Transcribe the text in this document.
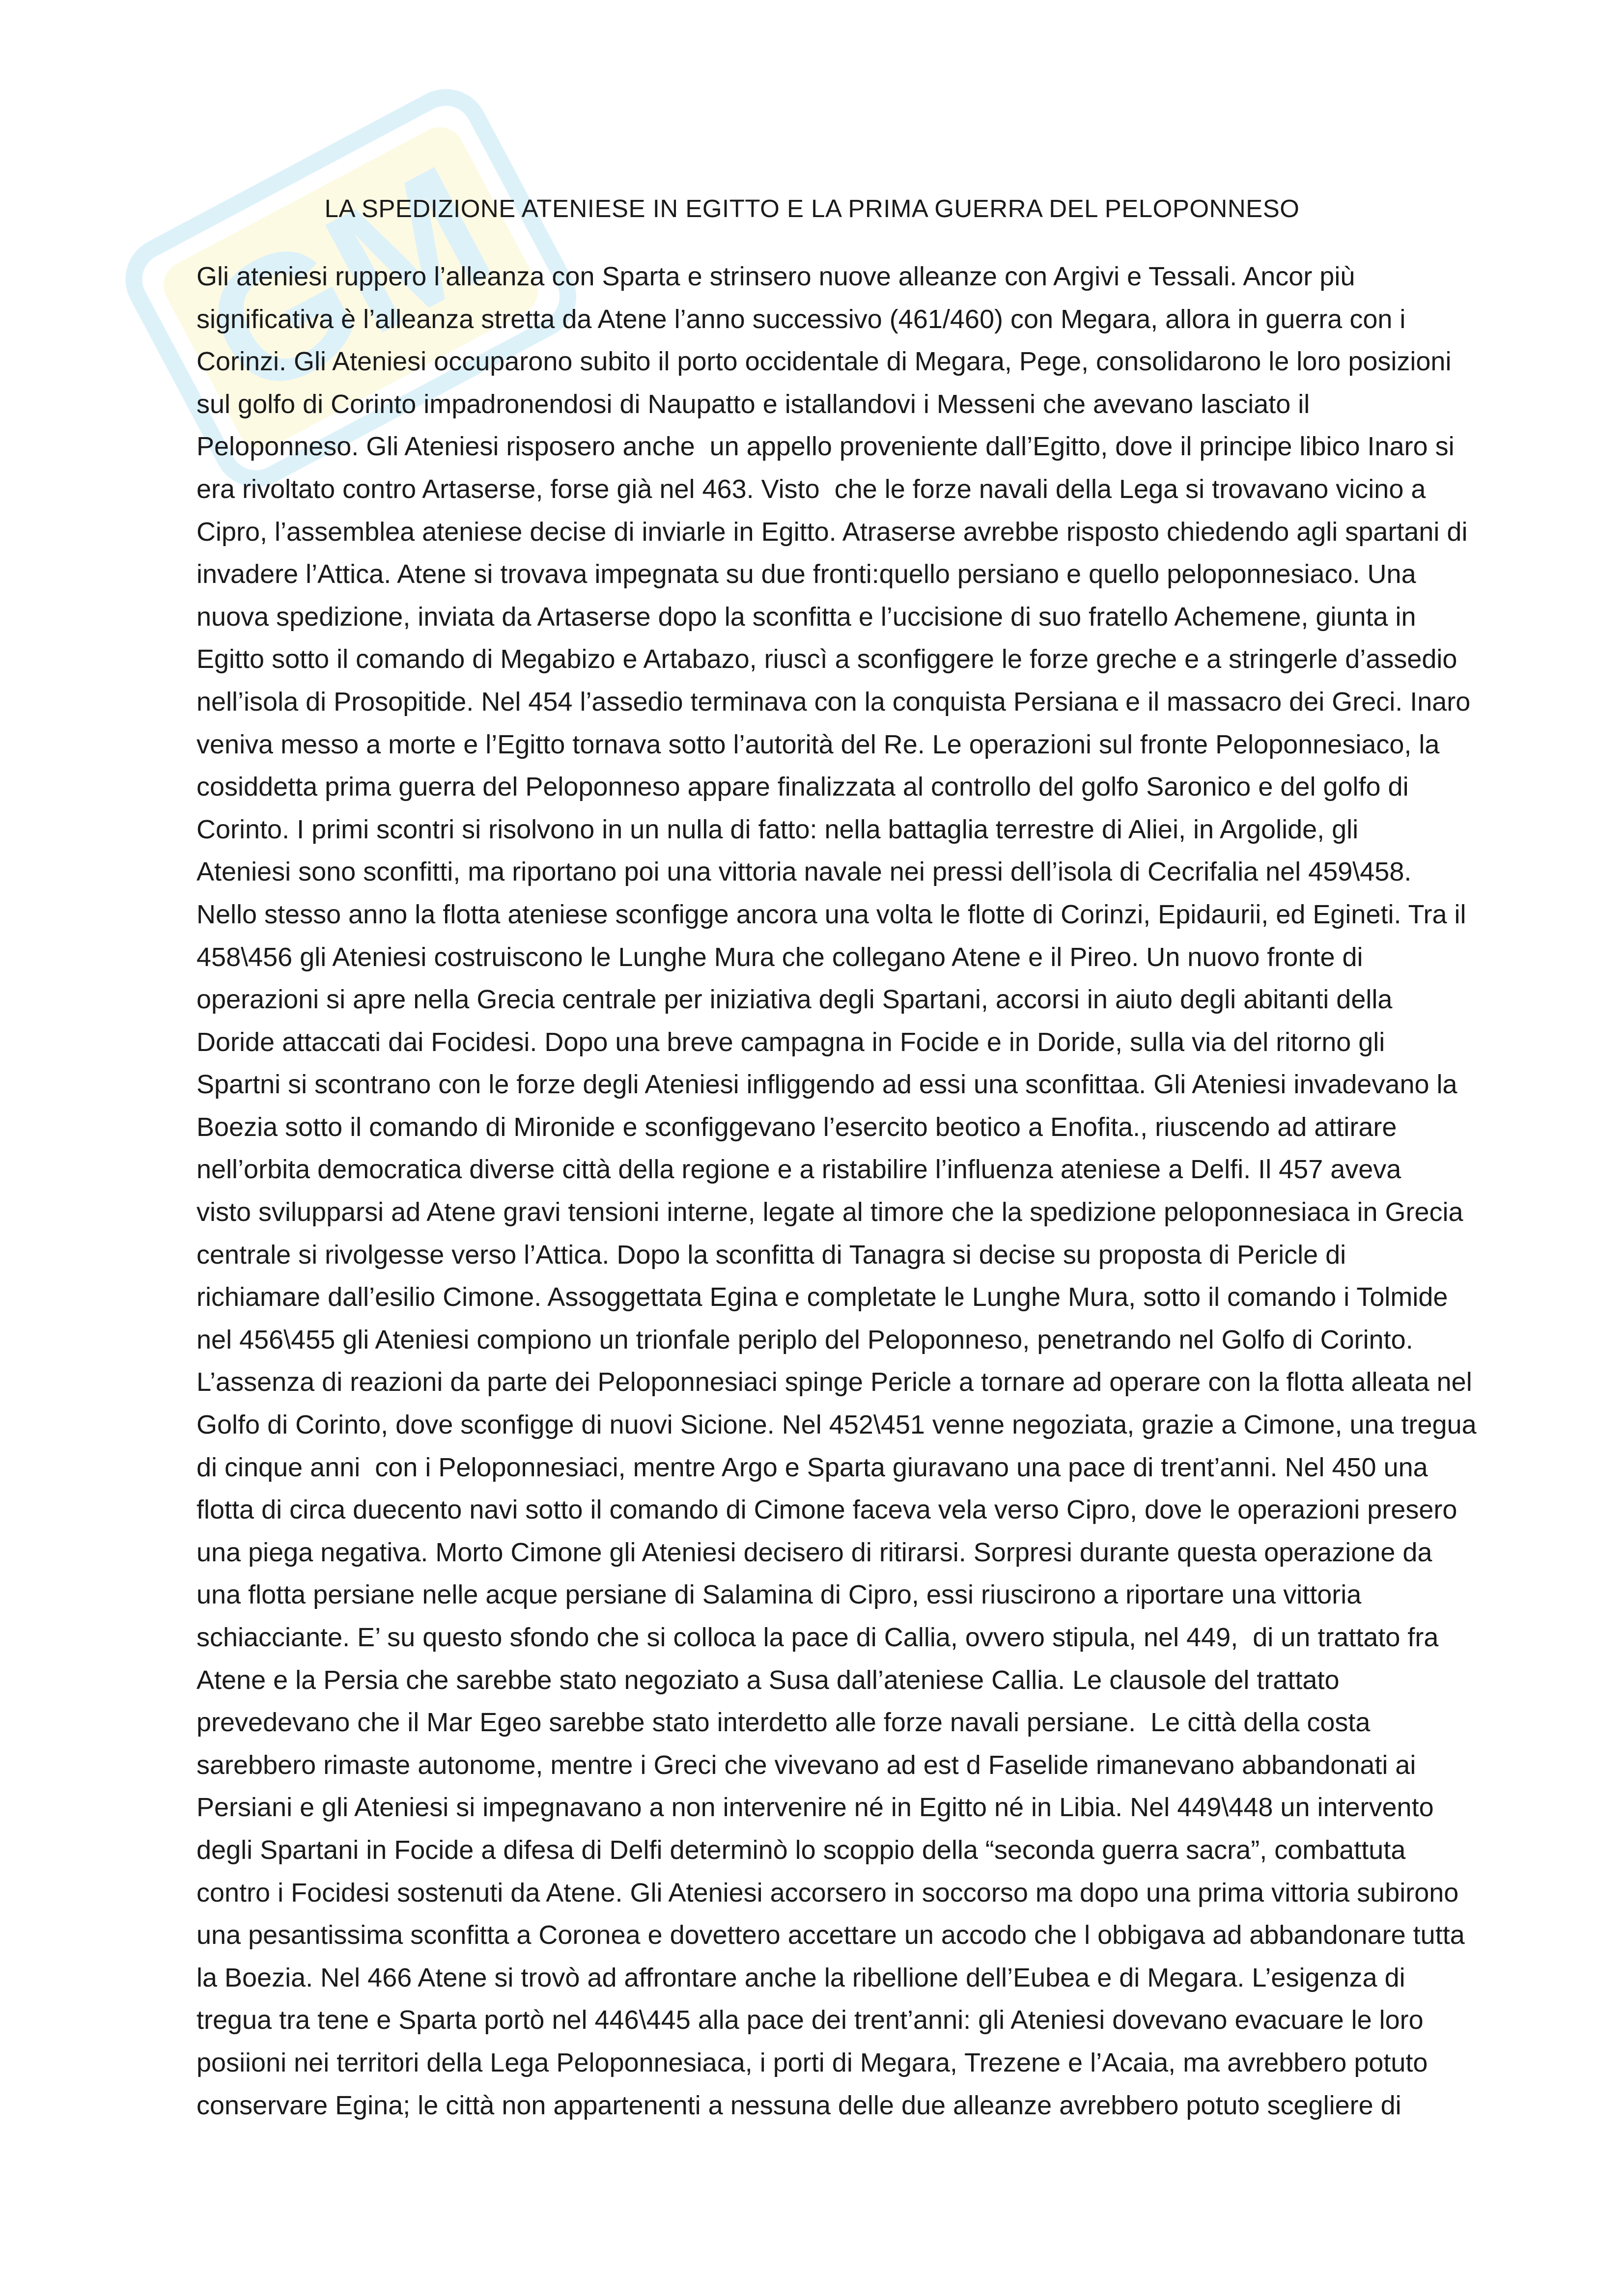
GM
LA SPEDIZIONE ATENIESE IN EGITTO E LA PRIMA GUERRA DEL PELOPONNESO
Gli ateniesi ruppero l’alleanza con Sparta e strinsero nuove alleanze con Argivi e Tessali. Ancor più
significativa è l’alleanza stretta da Atene l’anno successivo (461/460) con Megara, allora in guerra con i
Corinzi. Gli Ateniesi occuparono subito il porto occidentale di Megara, Pege, consolidarono le loro posizioni
sul golfo di Corinto impadronendosi di Naupatto e istallandovi i Messeni che avevano lasciato il
Peloponneso. Gli Ateniesi risposero anche  un appello proveniente dall’Egitto, dove il principe libico Inaro si
era rivoltato contro Artaserse, forse già nel 463. Visto  che le forze navali della Lega si trovavano vicino a
Cipro, l’assemblea ateniese decise di inviarle in Egitto. Atraserse avrebbe risposto chiedendo agli spartani di
invadere l’Attica. Atene si trovava impegnata su due fronti:quello persiano e quello peloponnesiaco. Una
nuova spedizione, inviata da Artaserse dopo la sconfitta e l’uccisione di suo fratello Achemene, giunta in
Egitto sotto il comando di Megabizo e Artabazo, riuscì a sconfiggere le forze greche e a stringerle d’assedio
nell’isola di Prosopitide. Nel 454 l’assedio terminava con la conquista Persiana e il massacro dei Greci. Inaro
veniva messo a morte e l’Egitto tornava sotto l’autorità del Re. Le operazioni sul fronte Peloponnesiaco, la
cosiddetta prima guerra del Peloponneso appare finalizzata al controllo del golfo Saronico e del golfo di
Corinto. I primi scontri si risolvono in un nulla di fatto: nella battaglia terrestre di Aliei, in Argolide, gli
Ateniesi sono sconfitti, ma riportano poi una vittoria navale nei pressi dell’isola di Cecrifalia nel 459\458.
Nello stesso anno la flotta ateniese sconfigge ancora una volta le flotte di Corinzi, Epidaurii, ed Egineti. Tra il
458\456 gli Ateniesi costruiscono le Lunghe Mura che collegano Atene e il Pireo. Un nuovo fronte di
operazioni si apre nella Grecia centrale per iniziativa degli Spartani, accorsi in aiuto degli abitanti della
Doride attaccati dai Focidesi. Dopo una breve campagna in Focide e in Doride, sulla via del ritorno gli
Spartni si scontrano con le forze degli Ateniesi infliggendo ad essi una sconfittaa. Gli Ateniesi invadevano la
Boezia sotto il comando di Mironide e sconfiggevano l’esercito beotico a Enofita., riuscendo ad attirare
nell’orbita democratica diverse città della regione e a ristabilire l’influenza ateniese a Delfi. Il 457 aveva
visto svilupparsi ad Atene gravi tensioni interne, legate al timore che la spedizione peloponnesiaca in Grecia
centrale si rivolgesse verso l’Attica. Dopo la sconfitta di Tanagra si decise su proposta di Pericle di
richiamare dall’esilio Cimone. Assoggettata Egina e completate le Lunghe Mura, sotto il comando i Tolmide
nel 456\455 gli Ateniesi compiono un trionfale periplo del Peloponneso, penetrando nel Golfo di Corinto.
L’assenza di reazioni da parte dei Peloponnesiaci spinge Pericle a tornare ad operare con la flotta alleata nel
Golfo di Corinto, dove sconfigge di nuovi Sicione. Nel 452\451 venne negoziata, grazie a Cimone, una tregua
di cinque anni  con i Peloponnesiaci, mentre Argo e Sparta giuravano una pace di trent’anni. Nel 450 una
flotta di circa duecento navi sotto il comando di Cimone faceva vela verso Cipro, dove le operazioni presero
una piega negativa. Morto Cimone gli Ateniesi decisero di ritirarsi. Sorpresi durante questa operazione da
una flotta persiane nelle acque persiane di Salamina di Cipro, essi riuscirono a riportare una vittoria
schiacciante. E’ su questo sfondo che si colloca la pace di Callia, ovvero stipula, nel 449,  di un trattato fra
Atene e la Persia che sarebbe stato negoziato a Susa dall’ateniese Callia. Le clausole del trattato
prevedevano che il Mar Egeo sarebbe stato interdetto alle forze navali persiane.  Le città della costa
sarebbero rimaste autonome, mentre i Greci che vivevano ad est d Faselide rimanevano abbandonati ai
Persiani e gli Ateniesi si impegnavano a non intervenire né in Egitto né in Libia. Nel 449\448 un intervento
degli Spartani in Focide a difesa di Delfi determinò lo scoppio della “seconda guerra sacra”, combattuta
contro i Focidesi sostenuti da Atene. Gli Ateniesi accorsero in soccorso ma dopo una prima vittoria subirono
una pesantissima sconfitta a Coronea e dovettero accettare un accodo che l obbigava ad abbandonare tutta
la Boezia. Nel 466 Atene si trovò ad affrontare anche la ribellione dell’Eubea e di Megara. L’esigenza di
tregua tra tene e Sparta portò nel 446\445 alla pace dei trent’anni: gli Ateniesi dovevano evacuare le loro
posiioni nei territori della Lega Peloponnesiaca, i porti di Megara, Trezene e l’Acaia, ma avrebbero potuto
conservare Egina; le città non appartenenti a nessuna delle due alleanze avrebbero potuto scegliere di
